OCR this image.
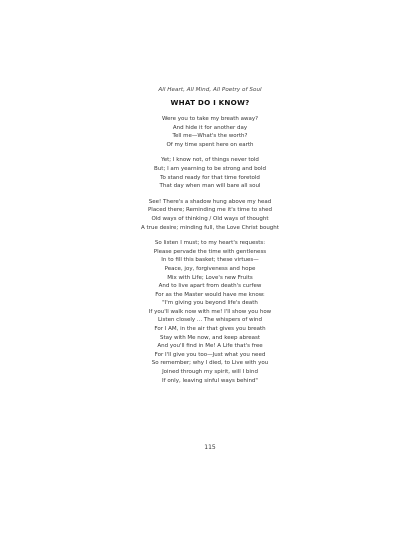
All Heart, All Mind, All Poetry of Soul
WHAT DO I KNOW?
Were you to take my breath away?
And hide it for another day
Tell me—What's the worth?
Of my time spent here on earth
Yet; I know not, of things never told
But; I am yearning to be strong and bold
To stand ready for that time foretold
That day when man will bare all soul
See! There's a shadow hung above my head
Placed there; Reminding me it's time to shed
Old ways of thinking / Old ways of thought
A true desire; minding full, the Love Christ bought
So listen I must; to my heart's requests:
Please pervade the time with gentleness
In to fill this basket; these virtues—
Peace, joy, forgiveness and hope
Mix with Life; Love's new Fruits
And to live apart from death's curfew
For as the Master would have me know:
"I'm giving you beyond life's death
If you'll walk now with me! I'll show you how
Listen closely ... The whispers of wind
For I AM, in the air that gives you breath
Stay with Me now, and keep abreast
And you'll find in Me! A Life that's free
For I'll give you too—Just what you need
So remember; why I died, to Live with you
Joined through my spirit, will I bind
If only, leaving sinful ways behind"
115
